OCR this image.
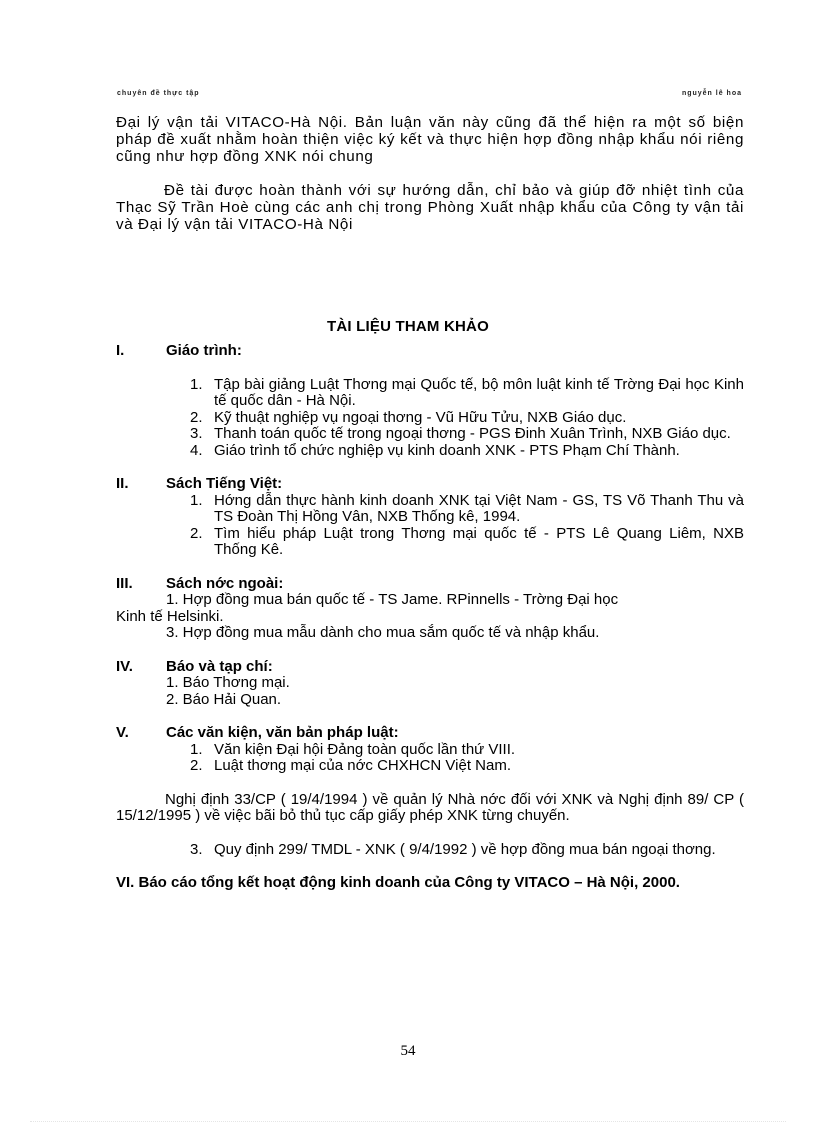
chuyên đề thực tập	nguyễn lê hoa

Đại lý vận tải VITACO-Hà Nội. Bản luận văn này cũng đã thể hiện ra một số biện pháp đề xuất nhằm hoàn thiện việc ký kết và thực hiện hợp đồng nhập khẩu nói riêng cũng như hợp đồng XNK nói chung

Đề tài được hoàn thành với sự hướng dẫn, chỉ bảo và giúp đỡ nhiệt tình của Thạc Sỹ Trần Hoè cùng các anh chị trong Phòng Xuất nhập khẩu của Công ty vận tải và Đại lý vận tải VITACO-Hà Nội

TÀI LIỆU THAM KHẢO
I.	Giáo trình:
1. Tập bài giảng Luật Thơng mại Quốc tế, bộ môn luật kinh tế Trờng Đại học Kinh tế quốc dân - Hà Nội.
2. Kỹ thuật nghiệp vụ ngoại thơng - Vũ Hữu Tửu, NXB Giáo dục.
3. Thanh toán quốc tế trong ngoại thơng - PGS Đinh Xuân Trình, NXB Giáo dục.
4. Giáo trình tổ chức nghiệp vụ kinh doanh XNK - PTS Phạm Chí Thành.
II.	Sách Tiếng Việt:
1. Hớng dẫn thực hành kinh doanh XNK tại Việt Nam - GS, TS Võ Thanh Thu và TS Đoàn Thị Hồng Vân, NXB Thống kê, 1994.
2. Tìm hiểu pháp Luật trong Thơng mại quốc tế - PTS Lê Quang Liêm, NXB Thống Kê.
III.	Sách nớc ngoài:
1. Hợp đồng mua bán quốc tế - TS Jame. RPinnells - Trờng Đại học
Kinh tế Helsinki.
3. Hợp đồng mua mẫu dành cho mua sắm quốc tế và nhập khẩu.
IV.	Báo và tạp chí:
1. Báo Thơng mại.
2. Báo Hải Quan.
V.	Các văn kiện, văn bản pháp luật:
1. Văn kiện Đại hội Đảng toàn quốc lần thứ VIII.
2. Luật thơng mại của nớc CHXHCN Việt Nam.

Nghị định 33/CP ( 19/4/1994 ) về quản lý Nhà nớc đối với XNK và Nghị định 89/ CP ( 15/12/1995 ) về việc bãi bỏ thủ tục cấp giấy phép XNK từng chuyến.

3. Quy định 299/ TMDL - XNK ( 9/4/1992 ) về hợp đồng mua bán ngoại thơng.

VI. Báo cáo tổng kết hoạt động kinh doanh của Công ty VITACO – Hà Nội, 2000.

54
